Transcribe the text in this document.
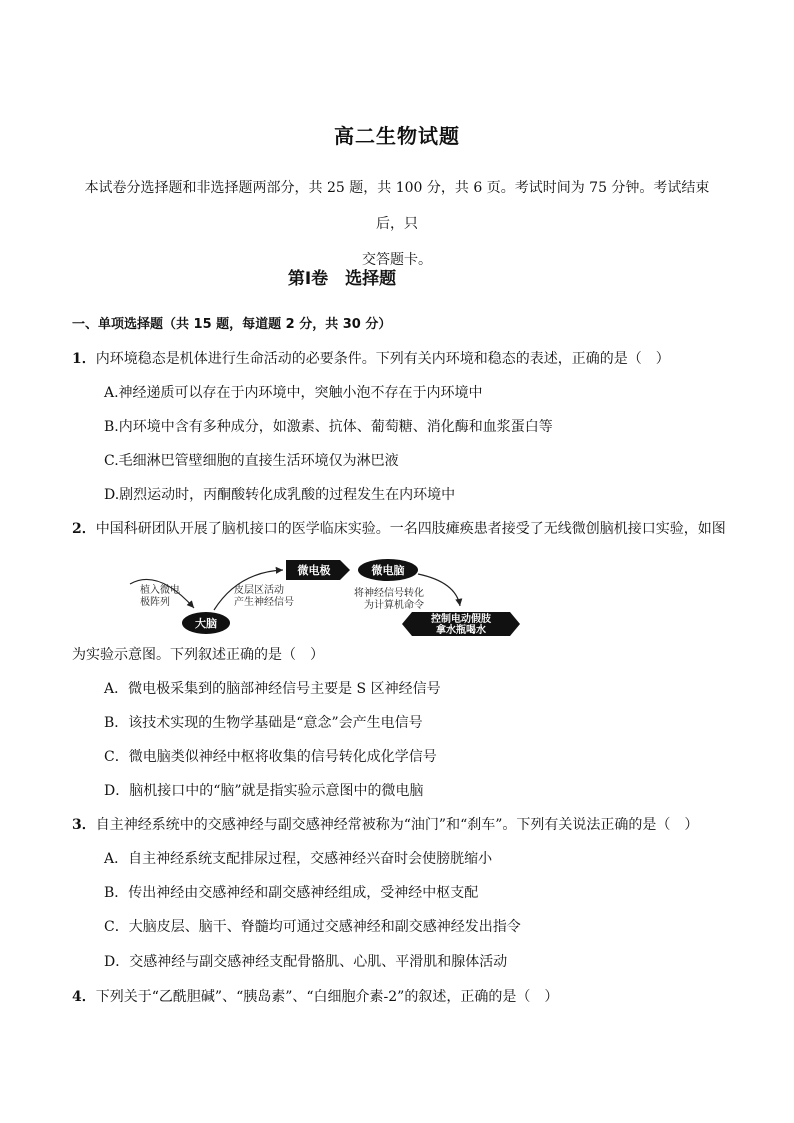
高二生物试题
本试卷分选择题和非选择题两部分，共 25 题，共 100 分，共 6 页。考试时间为 75 分钟。考试结束后，只
交答题卡。
第Ⅰ卷　选择题
一、单项选择题（共 15 题，每道题 2 分，共 30 分）
1．内环境稳态是机体进行生命活动的必要条件。下列有关内环境和稳态的表述，正确的是（　）
A.神经递质可以存在于内环境中，突触小泡不存在于内环境中
B.内环境中含有多种成分，如激素、抗体、葡萄糖、消化酶和血浆蛋白等
C.毛细淋巴管壁细胞的直接生活环境仅为淋巴液
D.剧烈运动时，丙酮酸转化成乳酸的过程发生在内环境中
2．中国科研团队开展了脑机接口的医学临床实验。一名四肢瘫痪患者接受了无线微创脑机接口实验，如图
植入微电
极阵列
大脑
皮层区活动
产生神经信号
微电极	微电脑
将神经信号转化
为计算机命令
控制电动假肢
拿水瓶喝水
为实验示意图。下列叙述正确的是（　）
A．微电极采集到的脑部神经信号主要是 S 区神经信号
B．该技术实现的生物学基础是“意念”会产生电信号
C．微电脑类似神经中枢将收集的信号转化成化学信号
D．脑机接口中的“脑”就是指实验示意图中的微电脑
3．自主神经系统中的交感神经与副交感神经常被称为“油门”和“刹车”。下列有关说法正确的是（　）
A．自主神经系统支配排尿过程，交感神经兴奋时会使膀胱缩小
B．传出神经由交感神经和副交感神经组成，受神经中枢支配
C．大脑皮层、脑干、脊髓均可通过交感神经和副交感神经发出指令
D．交感神经与副交感神经支配骨骼肌、心肌、平滑肌和腺体活动
4．下列关于“乙酰胆碱”、“胰岛素”、“白细胞介素-2”的叙述，正确的是（　）
